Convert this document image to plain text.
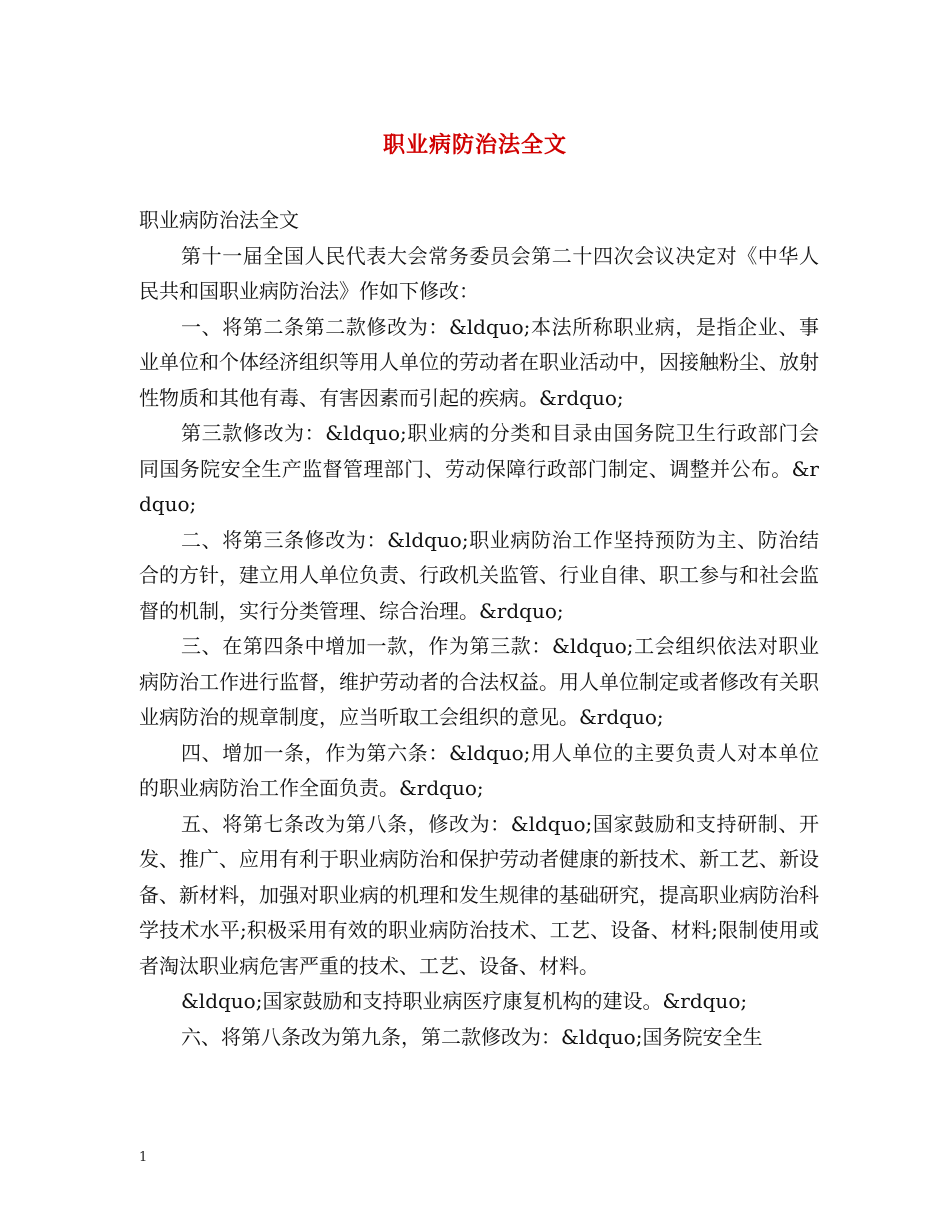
职业病防治法全文

职业病防治法全文

第十一届全国人民代表大会常务委员会第二十四次会议决定对《中华人民共和国职业病防治法》作如下修改：

一、将第二条第二款修改为：&ldquo;本法所称职业病，是指企业、事业单位和个体经济组织等用人单位的劳动者在职业活动中，因接触粉尘、放射性物质和其他有毒、有害因素而引起的疾病。&rdquo;

第三款修改为：&ldquo;职业病的分类和目录由国务院卫生行政部门会同国务院安全生产监督管理部门、劳动保障行政部门制定、调整并公布。&rdquo;

二、将第三条修改为：&ldquo;职业病防治工作坚持预防为主、防治结合的方针，建立用人单位负责、行政机关监管、行业自律、职工参与和社会监督的机制，实行分类管理、综合治理。&rdquo;

三、在第四条中增加一款，作为第三款：&ldquo;工会组织依法对职业病防治工作进行监督，维护劳动者的合法权益。用人单位制定或者修改有关职业病防治的规章制度，应当听取工会组织的意见。&rdquo;

四、增加一条，作为第六条：&ldquo;用人单位的主要负责人对本单位的职业病防治工作全面负责。&rdquo;

五、将第七条改为第八条，修改为：&ldquo;国家鼓励和支持研制、开发、推广、应用有利于职业病防治和保护劳动者健康的新技术、新工艺、新设备、新材料，加强对职业病的机理和发生规律的基础研究，提高职业病防治科学技术水平;积极采用有效的职业病防治技术、工艺、设备、材料;限制使用或者淘汰职业病危害严重的技术、工艺、设备、材料。

&ldquo;国家鼓励和支持职业病医疗康复机构的建设。&rdquo;

六、将第八条改为第九条，第二款修改为：&ldquo;国务院安全生

1
